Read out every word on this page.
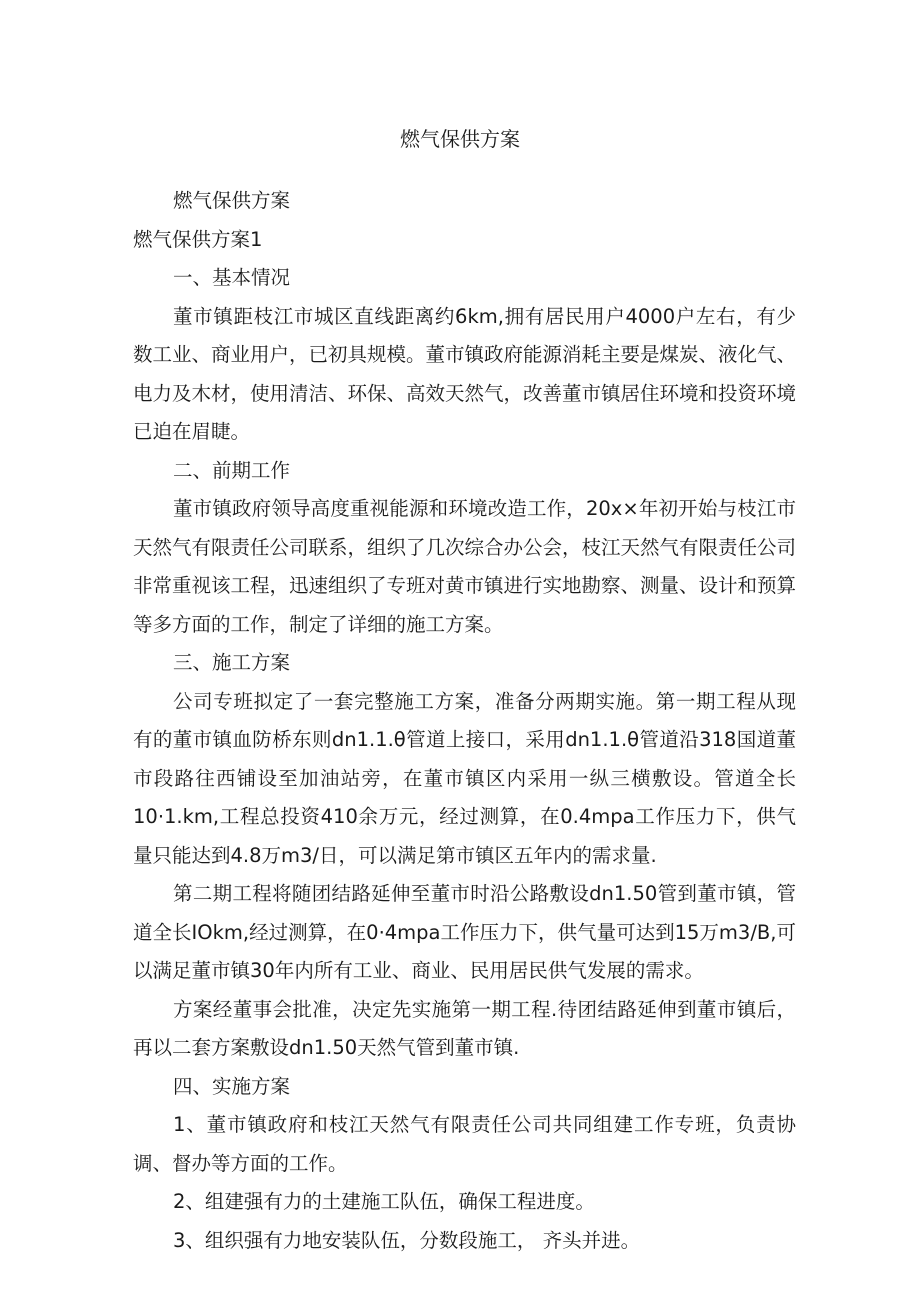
燃气保供方案

燃气保供方案

燃气保供方案1

一、基本情况

董市镇距枝江市城区直线距离约6km,拥有居民用户4000户左右，有少数工业、商业用户，已初具规模。董市镇政府能源消耗主要是煤炭、液化气、电力及木材，使用清洁、环保、高效天然气，改善董市镇居住环境和投资环境已迫在眉睫。

二、前期工作

董市镇政府领导高度重视能源和环境改造工作，20x×年初开始与枝江市天然气有限责任公司联系，组织了几次综合办公会，枝江天然气有限责任公司非常重视该工程，迅速组织了专班对黄市镇进行实地勘察、测量、设计和预算等多方面的工作，制定了详细的施工方案。

三、施工方案

公司专班拟定了一套完整施工方案，准备分两期实施。第一期工程从现有的董市镇血防桥东则dn1.1.θ管道上接口，采用dn1.1.θ管道沿318国道董市段路往西铺设至加油站旁，在董市镇区内采用一纵三横敷设。管道全长10·1.km,工程总投资410余万元，经过测算，在0.4mpa工作压力下，供气量只能达到4.8万m3/日，可以满足第市镇区五年内的需求量.

第二期工程将随团结路延伸至董市时沿公路敷设dn1.50管到董市镇，管道全长IOkm,经过测算，在0·4mpa工作压力下，供气量可达到15万m3∕B,可以满足董市镇30年内所有工业、商业、民用居民供气发展的需求。

方案经董事会批准，决定先实施第一期工程.待团结路延伸到董市镇后，再以二套方案敷设dn1.50天然气管到董市镇.

四、实施方案

1、董市镇政府和枝江天然气有限责任公司共同组建工作专班，负责协调、督办等方面的工作。

2、组建强有力的土建施工队伍，确保工程进度。

3、组织强有力地安装队伍，分数段施工， 齐头并进。
